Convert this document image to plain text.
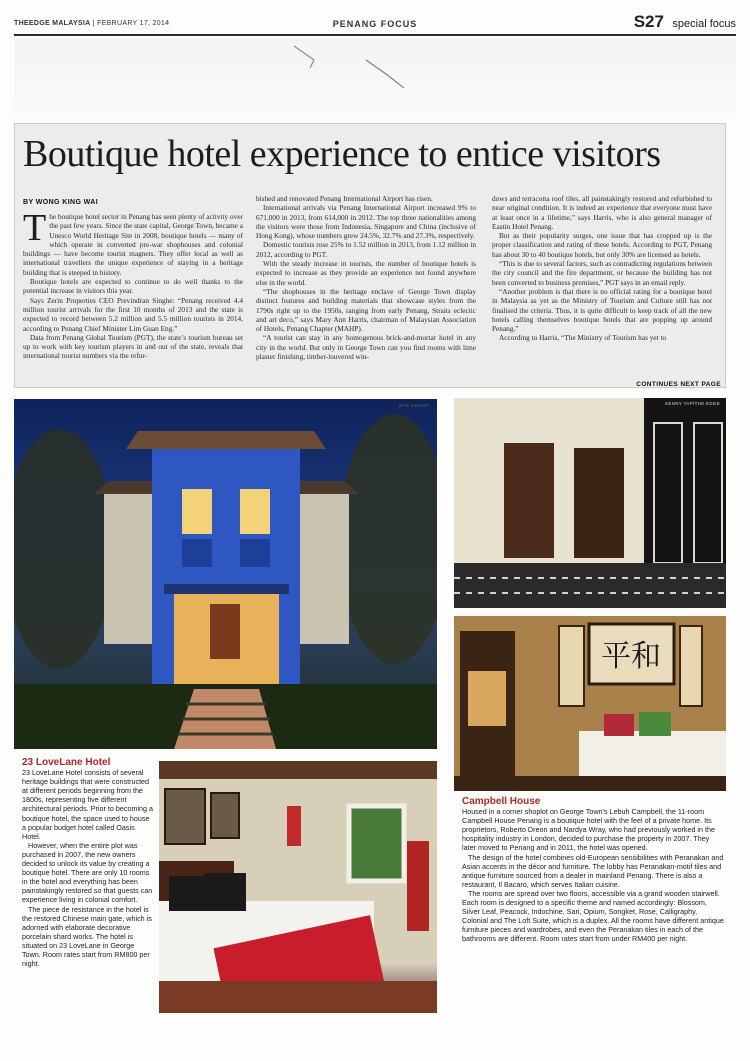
THEEDGE MALAYSIA | FEBRUARY 17, 2014	PENANG FOCUS	S27 special focus
Boutique hotel experience to entice visitors
BY WONG KING WAI

The boutique hotel sector in Penang has seen plenty of activity over the past few years. Since the state capital, George Town, became a Unesco World Heritage Site in 2008, boutique hotels — many of which operate in converted pre-war shophouses and colonial buildings — have become tourist magnets. They offer local as well as international travellers the unique experience of staying in a heritage building that is steeped in history.

Boutique hotels are expected to continue to do well thanks to the potential increase in visitors this year.

Says Zerin Properties CEO Previndran Singhe: “Penang received 4.4 million tourist arrivals for the first 10 months of 2013 and the state is expected to record between 5.2 million and 5.5 million tourists in 2014, according to Penang Chief Minister Lim Guan Eng.”

Data from Penang Global Tourism (PGT), the state’s tourism bureau set up to work with key tourism players in and out of the state, reveals that international tourist numbers via the refur-

bished and renovated Penang International Airport has risen.

International arrivals via Penang International Airport increased 9% to 671,000 in 2013, from 614,000 in 2012. The top three nationalities among the visitors were those from Indonesia, Singapore and China (inclusive of Hong Kong), whose numbers grew 24.5%, 32.7% and 27.3%, respectively.

Domestic tourists rose 25% to 1.52 million in 2013, from 1.12 million in 2012, according to PGT.

With the steady increase in tourists, the number of boutique hotels is expected to increase as they provide an experience not found anywhere else in the world.

“The shophouses in the heritage enclave of George Town display distinct features and building materials that showcase styles from the 1790s right up to the 1950s, ranging from early Penang, Straits eclectic and art deco,” says Mary Ann Harris, chairman of Malaysian Association of Hotels, Penang Chapter (MAHP).

“A tourist can stay in any homogenous brick-and-mortar hotel in any city in the world. But only in George Town can you find rooms with lime plaster finishing, timber-louvered win-

dows and terracotta roof tiles, all painstakingly restored and refurbished to near original condition. It is indeed an experience that everyone must have at least once in a lifetime,” says Harris, who is also general manager of Eastin Hotel Penang.

But as their popularity surges, one issue that has cropped up is the proper classification and rating of these hotels. According to PGT, Penang has about 30 to 40 boutique hotels, but only 30% are licensed as hotels.

“This is due to several factors, such as contradicting regulations between the city council and the fire department, or because the building has not been converted to business premises,” PGT says in an email reply.

“Another problem is that there is no official rating for a boutique hotel in Malaysia as yet as the Ministry of Tourism and Culture still has not finalised the criteria. Thus, it is quite difficult to keep track of all the new hotels calling themselves boutique hotels that are popping up around Penang.”

According to Harris, “The Ministry of Tourism has yet to

CONTINUES NEXT PAGE
BFG GROUP	KENNY YAP/THE EDGE
平和
23 LoveLane Hotel

23 LoveLane Hotel consists of several heritage buildings that were constructed at different periods beginning from the 1800s, representing five different architectural periods. Prior to becoming a boutique hotel, the space used to house a popular budget hotel called Oasis Hotel.

However, when the entire plot was purchased in 2007, the new owners decided to unlock its value by creating a boutique hotel. There are only 10 rooms in the hotel and everything has been painstakingly restored so that guests can experience living in colonial comfort.

The piece de resistance in the hotel is the restored Chinese main gate, which is adorned with elaborate decorative porcelain shard works. The hotel is situated on 23 LoveLane in George Town. Room rates start from RM800 per night.

Campbell House

Housed in a corner shoplot on George Town’s Lebuh Campbell, the 11-room Campbell House Penang is a boutique hotel with the feel of a private home. Its proprietors, Roberto Dreon and Nardya Wray, who had previously worked in the hospitality industry in London, decided to purchase the property in 2007. They later moved to Penang and in 2011, the hotel was opened.

The design of the hotel combines old-European sensibilities with Peranakan and Asian accents in the décor and furniture. The lobby has Peranakan-motif tiles and antique furniture sourced from a dealer in mainland Penang. There is also a restaurant, Il Bacaro, which serves Italian cuisine.

The rooms are spread over two floors, accessible via a grand wooden stairwell. Each room is designed to a specific theme and named accordingly: Blossom, Silver Leaf, Peacock, Indochine, Sari, Opium, Songket, Rose, Calligraphy, Colonial and The Loft Suite, which is a duplex. All the rooms have different antique furniture pieces and wardrobes, and even the Peranakan tiles in each of the bathrooms are different. Room rates start from under RM400 per night.
